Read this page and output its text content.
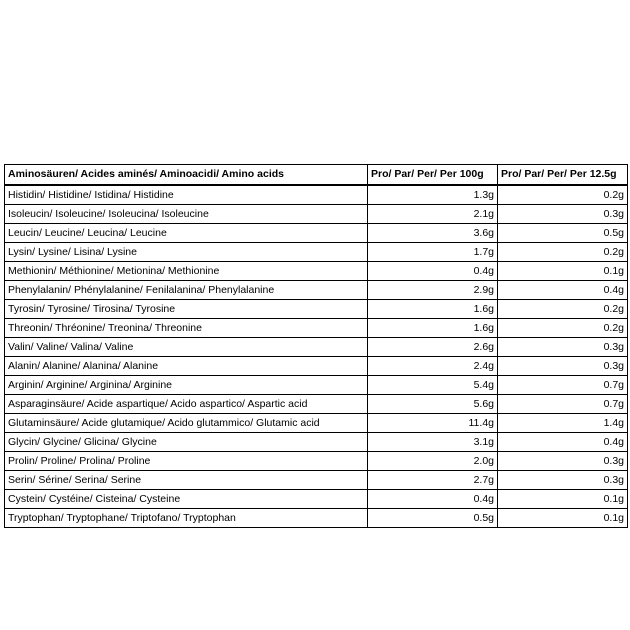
Aminosäuren/ Acides aminés/ Aminoacidi/ Amino acids	Pro/ Par/ Per/ Per 100g	Pro/ Par/ Per/ Per 12.5g
Histidin/ Histidine/ Istidina/ Histidine	1.3g	0.2g
Isoleucin/ Isoleucine/ Isoleucina/ Isoleucine	2.1g	0.3g
Leucin/ Leucine/ Leucina/ Leucine	3.6g	0.5g
Lysin/ Lysine/ Lisina/ Lysine	1.7g	0.2g
Methionin/ Méthionine/ Metionina/ Methionine	0.4g	0.1g
Phenylalanin/ Phénylalanine/ Fenilalanina/ Phenylalanine	2.9g	0.4g
Tyrosin/ Tyrosine/ Tirosina/ Tyrosine	1.6g	0.2g
Threonin/ Thréonine/ Treonina/ Threonine	1.6g	0.2g
Valin/ Valine/ Valina/ Valine	2.6g	0.3g
Alanin/ Alanine/ Alanina/ Alanine	2.4g	0.3g
Arginin/ Arginine/ Arginina/ Arginine	5.4g	0.7g
Asparaginsäure/ Acide aspartique/ Acido aspartico/ Aspartic acid	5.6g	0.7g
Glutaminsäure/ Acide glutamique/ Acido glutammico/ Glutamic acid	11.4g	1.4g
Glycin/ Glycine/ Glicina/ Glycine	3.1g	0.4g
Prolin/ Proline/ Prolina/ Proline	2.0g	0.3g
Serin/ Sérine/ Serina/ Serine	2.7g	0.3g
Cystein/ Cystéine/ Cisteina/ Cysteine	0.4g	0.1g
Tryptophan/ Tryptophane/ Triptofano/ Tryptophan	0.5g	0.1g
